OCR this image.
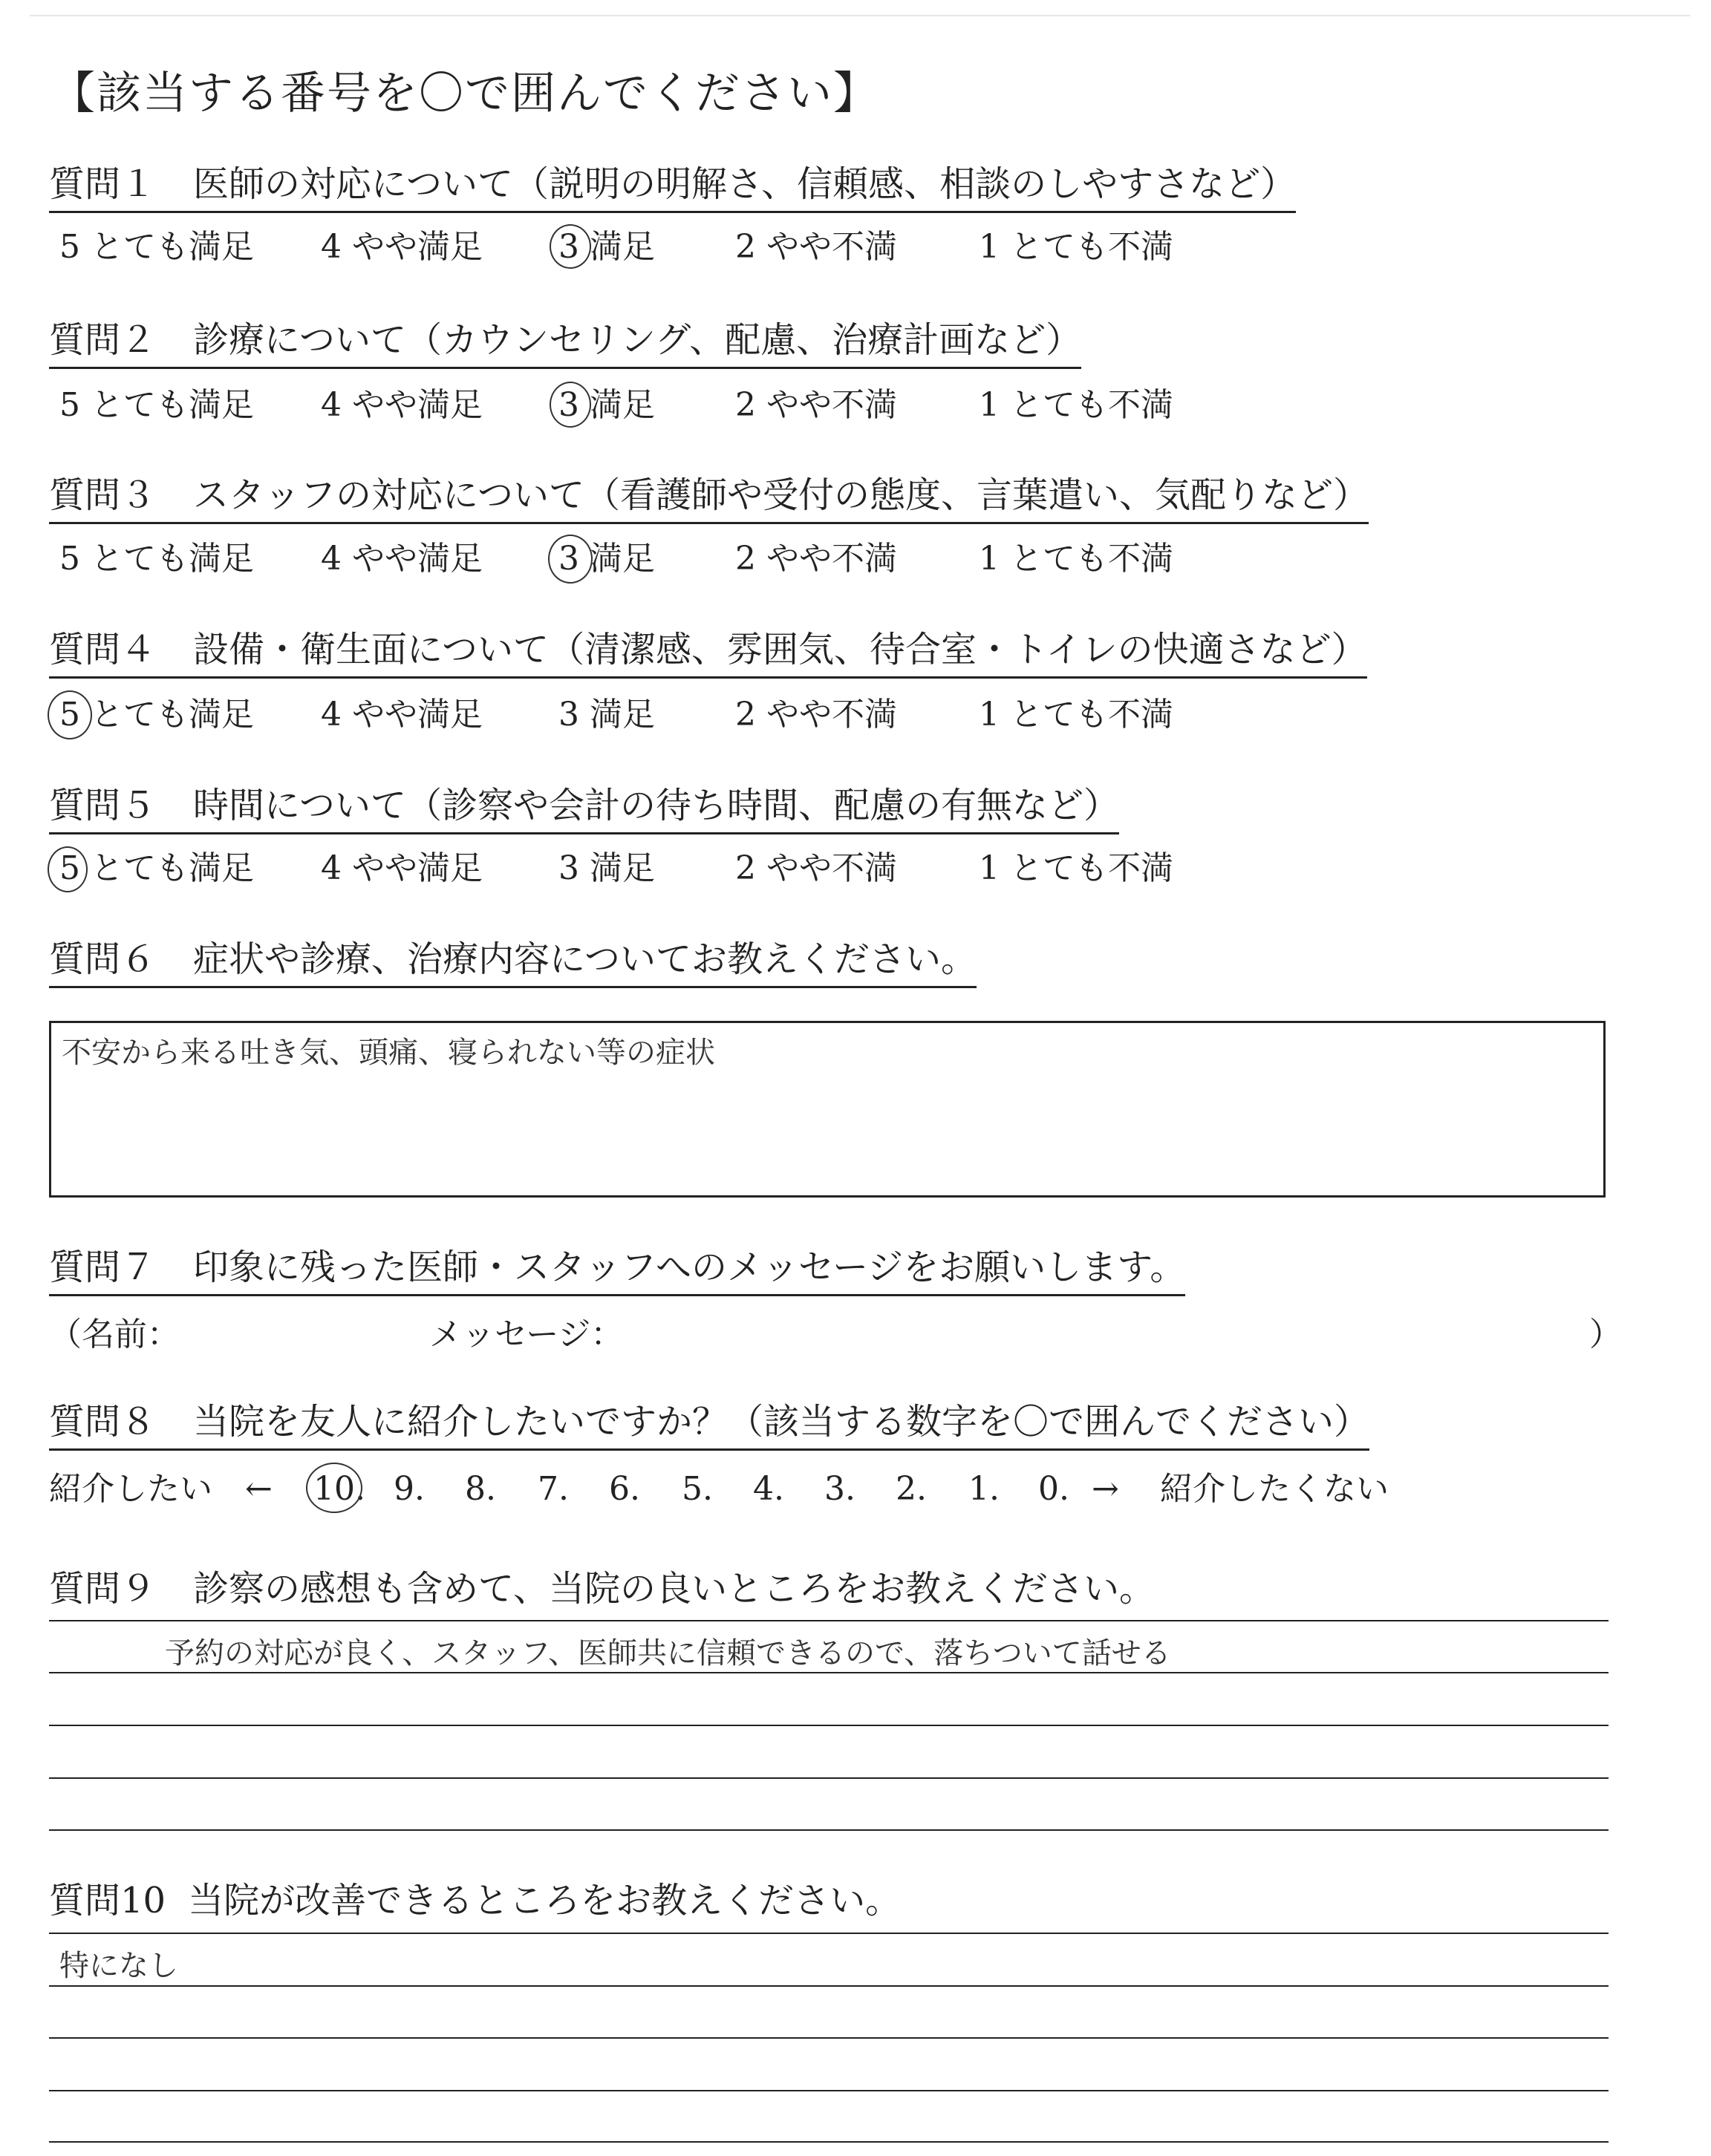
【該当する番号を〇で囲んでください】
質問１ 医師の対応について（説明の明解さ、信頼感、相談のしやすさなど）
5 とても満足 4 やや満足 3 満足 2 やや不満	1 とても不満
質問２ 診療について（カウンセリング、配慮、治療計画など）
5 とても満足 4 やや満足 3 満足 2 やや不満	1 とても不満
質問３ スタッフの対応について（看護師や受付の態度、言葉遣い、気配りなど）
5 とても満足 4 やや満足 3 満足 2 やや不満	1 とても不満
質問４ 設備・衛生面について（清潔感、雰囲気、待合室・トイレの快適さなど）
5 とても満足 4 やや満足 3 満足 2 やや不満	1 とても不満
質問５ 時間について（診察や会計の待ち時間、配慮の有無など）
5 とても満足 4 やや満足 3 満足 2 やや不満	1 とても不満
質問６ 症状や診療、治療内容についてお教えください。
不安から来る吐き気、頭痛、寝られない等の症状
質問７ 印象に残った医師・スタッフへのメッセージをお願いします。
（名前：	メッセージ：	）
質問８ 当院を友人に紹介したいですか？（該当する数字を〇で囲んでください）
紹介したい ← 10. 9. 8. 7. 6. 5. 4. 3. 2. 1. 0. → 紹介したくない
質問９ 診察の感想も含めて、当院の良いところをお教えください。
予約の対応が良く、スタッフ、医師共に信頼できるので、落ちついて話せる
質問10 当院が改善できるところをお教えください。
特になし
